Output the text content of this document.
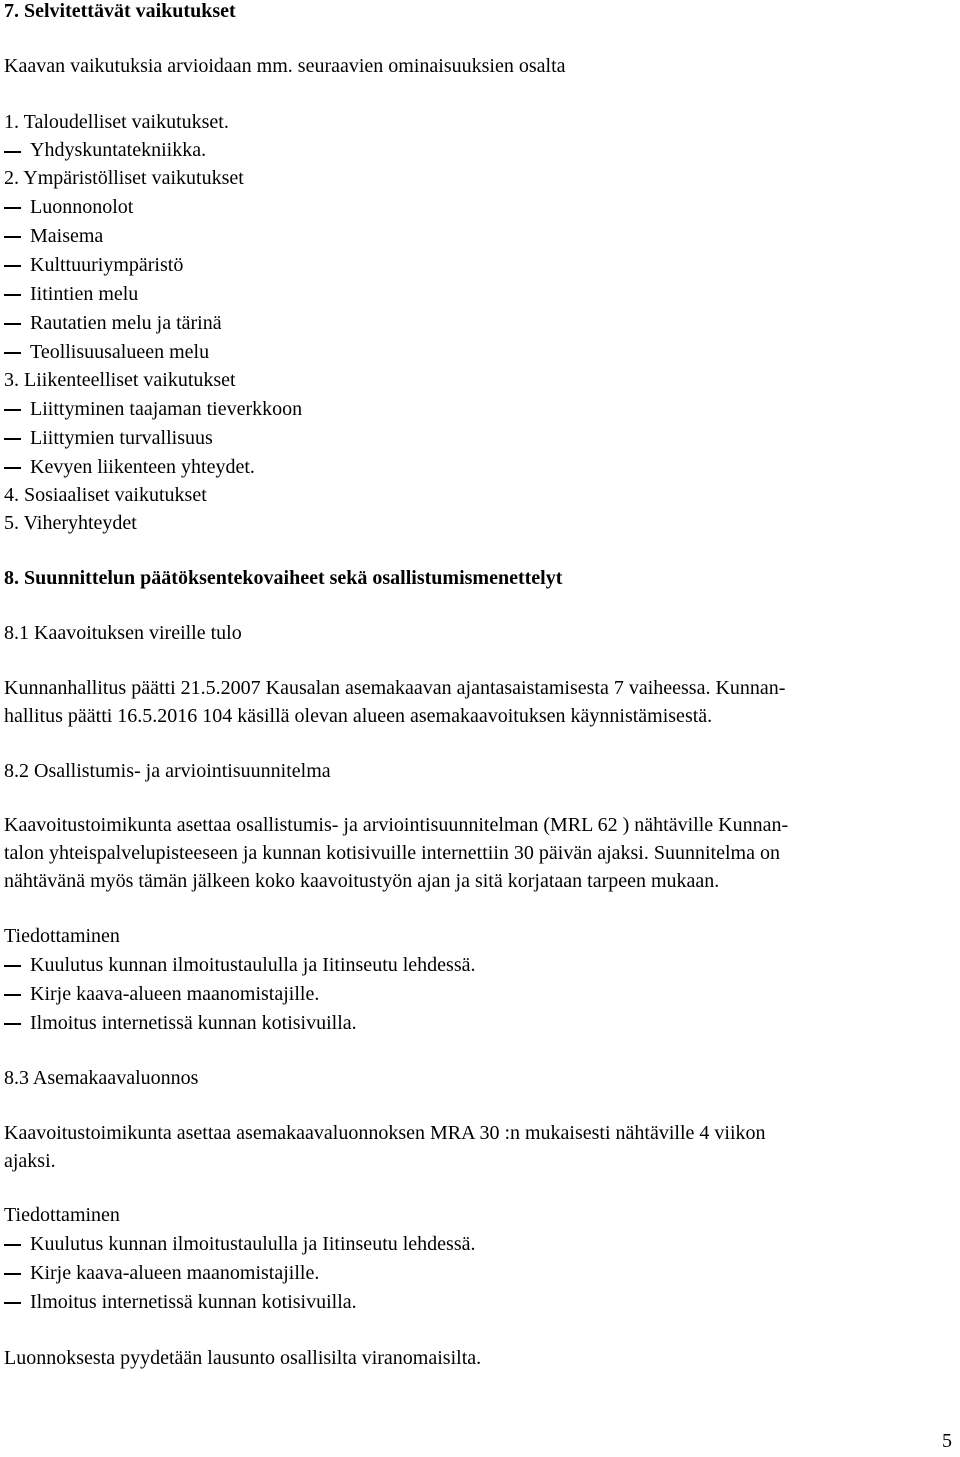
7. Selvitettävät vaikutukset
Kaavan vaikutuksia arvioidaan mm. seuraavien ominaisuuksien osalta
1. Taloudelliset vaikutukset.
Yhdyskuntatekniikka.
2. Ympäristölliset vaikutukset
Luonnonolot
Maisema
Kulttuuriympäristö
Iitintien melu
Rautatien melu ja tärinä
Teollisuusalueen melu
3. Liikenteelliset vaikutukset
Liittyminen taajaman tieverkkoon
Liittymien turvallisuus
Kevyen liikenteen yhteydet.
4. Sosiaaliset vaikutukset
5. Viheryhteydet
8. Suunnittelun päätöksentekovaiheet sekä osallistumismenettelyt
8.1 Kaavoituksen vireille tulo
Kunnanhallitus päätti 21.5.2007 Kausalan asemakaavan ajantasaistamisesta 7 vaiheessa. Kunnan-
hallitus päätti 16.5.2016 104 käsillä olevan alueen asemakaavoituksen käynnistämisestä.
8.2 Osallistumis- ja arviointisuunnitelma
Kaavoitustoimikunta asettaa osallistumis- ja arviointisuunnitelman (MRL 62 ) nähtäville Kunnan-
talon yhteispalvelupisteeseen ja kunnan kotisivuille internettiin 30 päivän ajaksi. Suunnitelma on
nähtävänä myös tämän jälkeen koko kaavoitustyön ajan ja sitä korjataan tarpeen mukaan.
Tiedottaminen
Kuulutus kunnan ilmoitustaululla ja Iitinseutu lehdessä.
Kirje kaava-alueen maanomistajille.
Ilmoitus internetissä kunnan kotisivuilla.
8.3 Asemakaavaluonnos
Kaavoitustoimikunta asettaa asemakaavaluonnoksen MRA 30 :n mukaisesti nähtäville 4 viikon
ajaksi.
Tiedottaminen
Kuulutus kunnan ilmoitustaululla ja Iitinseutu lehdessä.
Kirje kaava-alueen maanomistajille.
Ilmoitus internetissä kunnan kotisivuilla.
Luonnoksesta pyydetään lausunto osallisilta viranomaisilta.
5
